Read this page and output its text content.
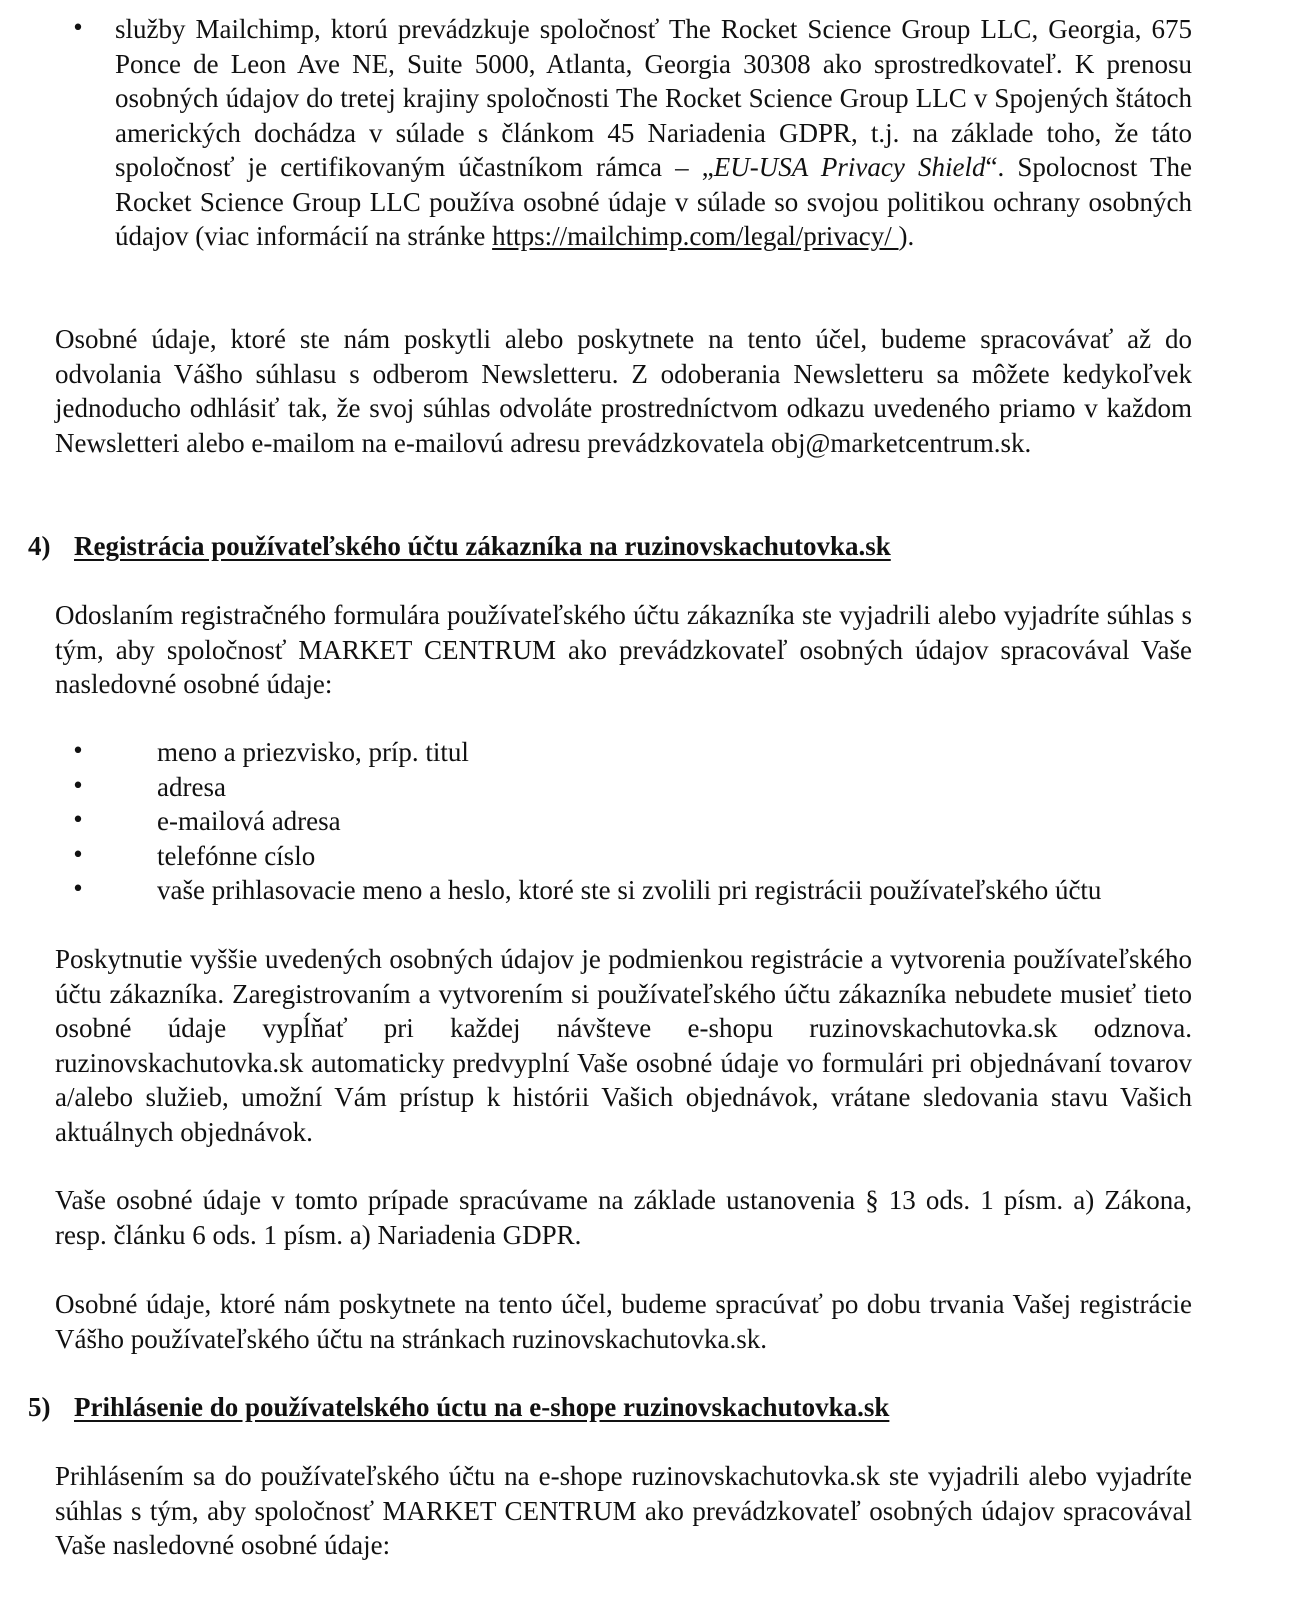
• služby Mailchimp, ktorú prevádzkuje spoločnosť The Rocket Science Group LLC, Georgia, 675 Ponce de Leon Ave NE, Suite 5000, Atlanta, Georgia 30308 ako sprostredkovateľ. K prenosu osobných údajov do tretej krajiny spoločnosti The Rocket Science Group LLC v Spojených štátoch amerických dochádza v súlade s článkom 45 Nariadenia GDPR, t.j. na základe toho, že táto spoločnosť je certifikovaným účastníkom rámca – „EU-USA Privacy Shield“. Spolocnost The Rocket Science Group LLC používa osobné údaje v súlade so svojou politikou ochrany osobných údajov (viac informácií na stránke https://mailchimp.com/legal/privacy/ ).

Osobné údaje, ktoré ste nám poskytli alebo poskytnete na tento účel, budeme spracovávať až do odvolania Vášho súhlasu s odberom Newsletteru. Z odoberania Newsletteru sa môžete kedykoľvek jednoducho odhlásiť tak, že svoj súhlas odvoláte prostredníctvom odkazu uvedeného priamo v každom Newsletteri alebo e-mailom na e-mailovú adresu prevádzkovatela obj@marketcentrum.sk.

4) Registrácia používateľského účtu zákazníka na ruzinovskachutovka.sk

Odoslaním registračného formulára používateľského účtu zákazníka ste vyjadrili alebo vyjadríte súhlas s tým, aby spoločnosť MARKET CENTRUM ako prevádzkovateľ osobných údajov spracovával Vaše nasledovné osobné údaje:

•	meno a priezvisko, príp. titul
•	adresa
•	e-mailová adresa
•	telefónne císlo
•	vaše prihlasovacie meno a heslo, ktoré ste si zvolili pri registrácii používateľského účtu

Poskytnutie vyššie uvedených osobných údajov je podmienkou registrácie a vytvorenia používateľského účtu zákazníka. Zaregistrovaním a vytvorením si používateľského účtu zákazníka nebudete musieť tieto osobné údaje vypĺňať pri každej návšteve e-shopu ruzinovskachutovka.sk odznova. ruzinovskachutovka.sk automaticky predvyplní Vaše osobné údaje vo formulári pri objednávaní tovarov a/alebo služieb, umožní Vám prístup k histórii Vašich objednávok, vrátane sledovania stavu Vašich aktuálnych objednávok.

Vaše osobné údaje v tomto prípade spracúvame na základe ustanovenia § 13 ods. 1 písm. a) Zákona, resp. článku 6 ods. 1 písm. a) Nariadenia GDPR.

Osobné údaje, ktoré nám poskytnete na tento účel, budeme spracúvať po dobu trvania Vašej registrácie Vášho používateľského účtu na stránkach ruzinovskachutovka.sk.

5) Prihlásenie do používatelského úctu na e-shope ruzinovskachutovka.sk

Prihlásením sa do používateľského účtu na e-shope ruzinovskachutovka.sk ste vyjadrili alebo vyjadríte súhlas s tým, aby spoločnosť MARKET CENTRUM ako prevádzkovateľ osobných údajov spracovával Vaše nasledovné osobné údaje:
